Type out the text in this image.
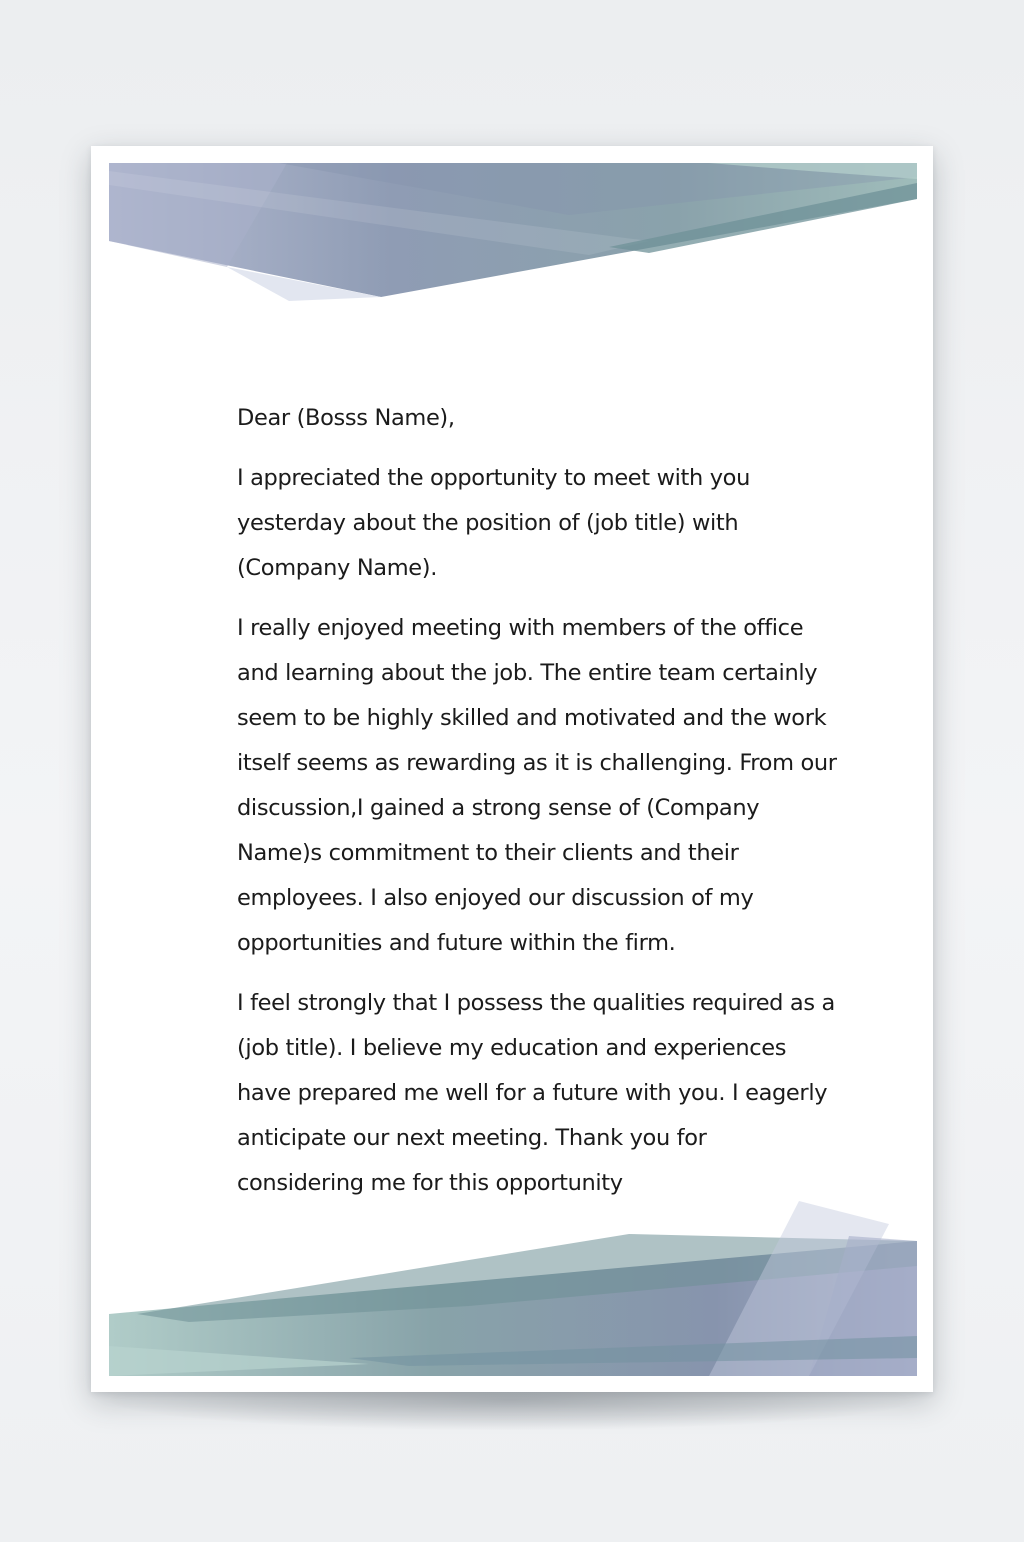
Dear (Bosss Name),

I appreciated the opportunity to meet with you yesterday about the position of (job title) with (Company Name).

I really enjoyed meeting with members of the office and learning about the job. The entire team certainly seem to be highly skilled and motivated and the work itself seems as rewarding as it is challenging. From our discussion,I gained a strong sense of (Company Name)s commitment to their clients and their employees. I also enjoyed our discussion of my opportunities and future within the firm.

I feel strongly that I possess the qualities required as a (job title). I believe my education and experiences have prepared me well for a future with you. I eagerly anticipate our next meeting. Thank you for considering me for this opportunity
